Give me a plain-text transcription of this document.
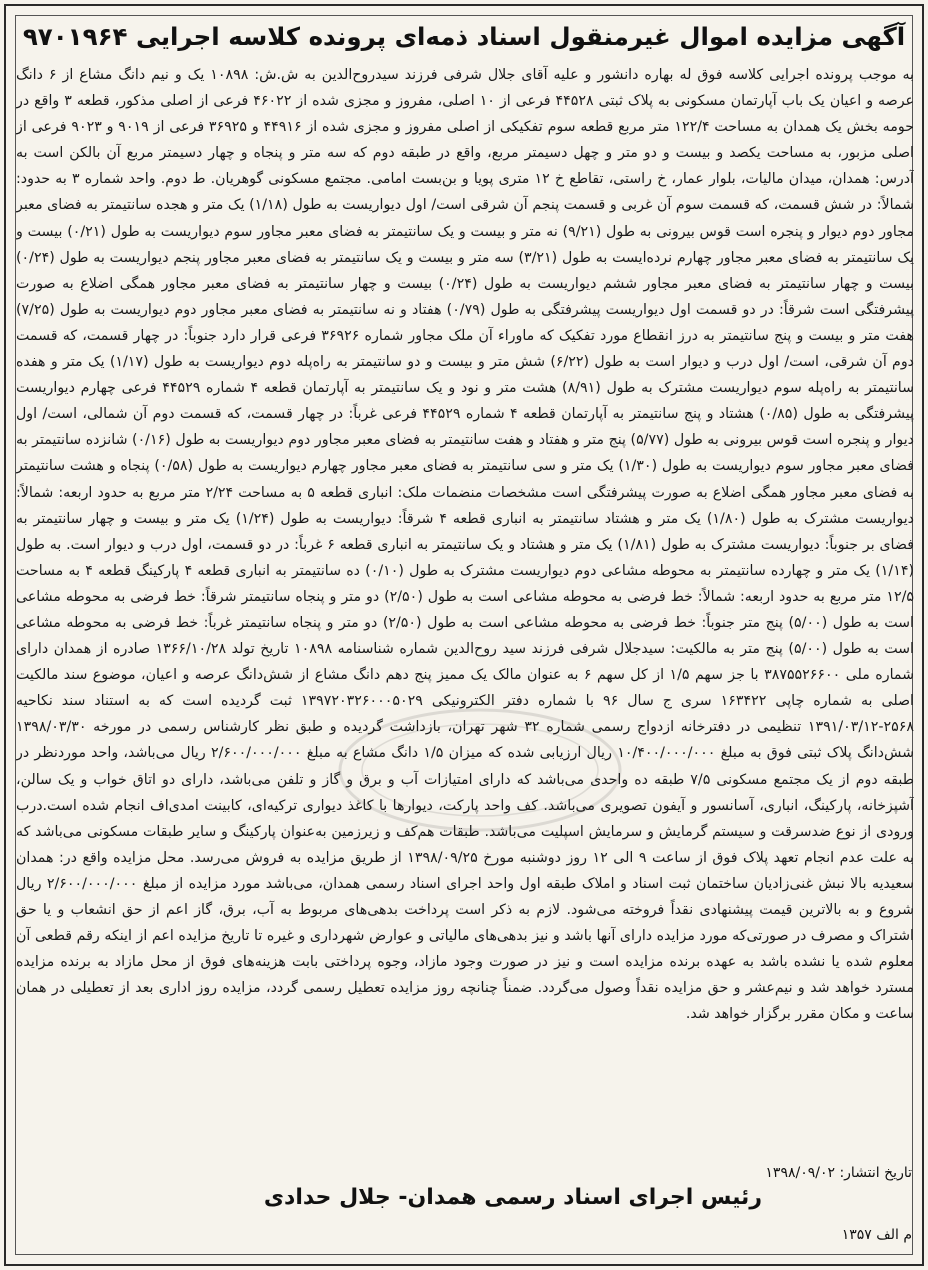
آگهی مزایده اموال غیرمنقول اسناد ذمه‌ای پرونده کلاسه اجرایی ۹۷۰۱۹۶۴
به موجب پرونده اجرایی کلاسه فوق له بهاره دانشور و علیه آقای جلال شرفی فرزند سیدروح‌الدین به ش.ش: ۱۰۸۹۸ یک و نیم دانگ مشاع از ۶ دانگ عرصه و اعیان یک باب آپارتمان مسکونی به پلاک ثبتی ۴۴۵۲۸ فرعی از ۱۰ اصلی، مفروز و مجزی شده از ۴۶۰۲۲ فرعی از اصلی مذکور، قطعه ۳ واقع در حومه بخش یک همدان به مساحت ۱۲۲/۴ متر مربع قطعه سوم تفکیکی از اصلی مفروز و مجزی شده از ۴۴۹۱۶ و ۳۶۹۲۵ فرعی از ۹۰۱۹ و ۹۰۲۳ فرعی از اصلی مزبور، به مساحت یکصد و بیست و دو متر و چهل دسیمتر مربع، واقع در طبقه دوم که سه متر و پنجاه و چهار دسیمتر مربع آن بالکن است به آدرس: همدان، میدان مالیات، بلوار عمار، خ راستی، تقاطع خ ۱۲ متری پویا و بن‌بست امامی. مجتمع مسکونی گوهریان. ط دوم. واحد شماره ۳ به حدود: شمالاً: در شش قسمت، که قسمت سوم آن غربی و قسمت پنجم آن شرقی است/ اول دیواریست به طول (۱/۱۸) یک متر و هجده سانتیمتر به فضای معبر مجاور دوم دیوار و پنجره است قوس بیرونی به طول (۹/۲۱) نه متر و بیست و یک سانتیمتر به فضای معبر مجاور سوم دیواریست به طول (۰/۲۱) بیست و یک سانتیمتر به فضای معبر مجاور چهارم نرده‌ایست به طول (۳/۲۱) سه متر و بیست و یک سانتیمتر به فضای معبر مجاور پنجم دیواریست به طول (۰/۲۴) بیست و چهار سانتیمتر به فضای معبر مجاور ششم دیواریست به طول (۰/۲۴) بیست و چهار سانتیمتر به فضای معبر مجاور همگی اضلاع به صورت پیشرفتگی است شرقاً: در دو قسمت اول دیواریست پیشرفتگی به طول (۰/۷۹) هفتاد و نه سانتیمتر به فضای معبر مجاور دوم دیواریست به طول (۷/۲۵) هفت متر و بیست و پنج سانتیمتر به درز انقطاع مورد تفکیک که ماوراء آن ملک مجاور شماره ۳۶۹۲۶ فرعی قرار دارد جنوباً: در چهار قسمت، که قسمت دوم آن شرقی، است/ اول درب و دیوار است به طول (۶/۲۲) شش متر و بیست و دو سانتیمتر به راه‌پله دوم دیواریست به طول (۱/۱۷) یک متر و هفده سانتیمتر به راه‌پله سوم دیواریست مشترک به طول (۸/۹۱) هشت متر و نود و یک سانتیمتر به آپارتمان قطعه ۴ شماره ۴۴۵۲۹ فرعی چهارم دیواریست پیشرفتگی به طول (۰/۸۵) هشتاد و پنج سانتیمتر به آپارتمان قطعه ۴ شماره ۴۴۵۲۹ فرعی غرباً: در چهار قسمت، که قسمت دوم آن شمالی، است/ اول دیوار و پنجره است قوس بیرونی به طول (۵/۷۷) پنج متر و هفتاد و هفت سانتیمتر به فضای معبر مجاور دوم دیواریست به طول (۰/۱۶) شانزده سانتیمتر به فضای معبر مجاور سوم دیواریست به طول (۱/۳۰) یک متر و سی سانتیمتر به فضای معبر مجاور چهارم دیواریست به طول (۰/۵۸) پنجاه و هشت سانتیمتر به فضای معبر مجاور همگی اضلاع به صورت پیشرفتگی است مشخصات منضمات ملک: انباری قطعه ۵ به مساحت ۲/۲۴ متر مربع به حدود اربعه: شمالاً: دیواریست مشترک به طول (۱/۸۰) یک متر و هشتاد سانتیمتر به انباری قطعه ۴ شرقاً: دیواریست به طول (۱/۲۴) یک متر و بیست و چهار سانتیمتر به فضای بر جنوباً: دیواریست مشترک به طول (۱/۸۱) یک متر و هشتاد و یک سانتیمتر به انباری قطعه ۶ غرباً: در دو قسمت، اول درب و دیوار است. به طول (۱/۱۴) یک متر و چهارده سانتیمتر به محوطه مشاعی دوم دیواریست مشترک به طول (۰/۱۰) ده سانتیمتر به انباری قطعه ۴ پارکینگ قطعه ۴ به مساحت ۱۲/۵ متر مربع به حدود اربعه: شمالاً: خط فرضی به محوطه مشاعی است به طول (۲/۵۰) دو متر و پنجاه سانتیمتر شرقاً: خط فرضی به محوطه مشاعی است به طول (۵/۰۰) پنج متر جنوباً: خط فرضی به محوطه مشاعی است به طول (۲/۵۰) دو متر و پنجاه سانتیمتر غرباً: خط فرضی به محوطه مشاعی است به طول (۵/۰۰) پنج متر به مالکیت: سیدجلال شرفی فرزند سید روح‌الدین شماره شناسنامه ۱۰۸۹۸ تاریخ تولد ۱۳۶۶/۱۰/۲۸ صادره از همدان دارای شماره ملی ۳۸۷۵۵۲۶۶۰۰ با جز سهم ۱/۵ از کل سهم ۶ به عنوان مالک یک ممیز پنج دهم دانگ مشاع از شش‌دانگ عرصه و اعیان، موضوع سند مالکیت اصلی به شماره چاپی ۱۶۳۴۲۲ سری ج سال ۹۶ با شماره دفتر الکترونیکی ۱۳۹۷۲۰۳۲۶۰۰۰۵۰۲۹ ثبت گردیده است که به استناد سند نکاحیه ۲۵۶۸-۱۳۹۱/۰۳/۱۲ تنظیمی در دفترخانه ازدواج رسمی شماره ۳۲ شهر تهران، بازداشت گردیده و طبق نظر کارشناس رسمی در مورخه ۱۳۹۸/۰۳/۳۰ شش‌دانگ پلاک ثبتی فوق به مبلغ ۱۰/۴۰۰/۰۰۰/۰۰۰ ریال ارزیابی شده که میزان ۱/۵ دانگ مشاع به مبلغ ۲/۶۰۰/۰۰۰/۰۰۰ ریال می‌باشد، واحد موردنظر در طبقه دوم از یک مجتمع مسکونی ۷/۵ طبقه ده واحدی می‌باشد که دارای امتیازات آب و برق و گاز و تلفن می‌باشد، دارای دو اتاق خواب و یک سالن، آشپزخانه، پارکینگ، انباری، آسانسور و آیفون تصویری می‌باشد. کف واحد پارکت، دیوارها با کاغذ دیواری ترکیه‌ای، کابینت امدی‌اف انجام شده است.درب ورودی از نوع ضدسرقت و سیستم گرمایش و سرمایش اسپلیت می‌باشد. طبقات هم‌کف و زیرزمین به‌عنوان پارکینگ و سایر طبقات مسکونی می‌باشد که به علت عدم انجام تعهد پلاک فوق از ساعت ۹ الی ۱۲ روز دوشنبه مورخ ۱۳۹۸/۰۹/۲۵ از طریق مزایده به فروش می‌رسد. محل مزایده واقع در: همدان سعیدیه بالا نبش غنی‌زادیان ساختمان ثبت اسناد و املاک طبقه اول واحد اجرای اسناد رسمی همدان، می‌باشد مورد مزایده از مبلغ ۲/۶۰۰/۰۰۰/۰۰۰ ریال شروع و به بالاترین قیمت پیشنهادی نقداً فروخته می‌شود. لازم به ذکر است پرداخت بدهی‌های مربوط به آب، برق، گاز اعم از حق انشعاب و یا حق اشتراک و مصرف در صورتی‌که مورد مزایده دارای آنها باشد و نیز بدهی‌های مالیاتی و عوارض شهرداری و غیره تا تاریخ مزایده اعم از اینکه رقم قطعی آن معلوم شده یا نشده باشد به عهده برنده مزایده است و نیز در صورت وجود مازاد، وجوه پرداختی بابت هزینه‌های فوق از محل مازاد به برنده مزایده مسترد خواهد شد و نیم‌عشر و حق مزایده نقداً وصول می‌گردد. ضمناً چنانچه روز مزایده تعطیل رسمی گردد، مزایده روز اداری بعد از تعطیلی در همان ساعت و مکان مقرر برگزار خواهد شد.
تاریخ انتشار: ۱۳۹۸/۰۹/۰۲
رئیس اجرای اسناد رسمی همدان- جلال حدادی
م الف ۱۳۵۷
